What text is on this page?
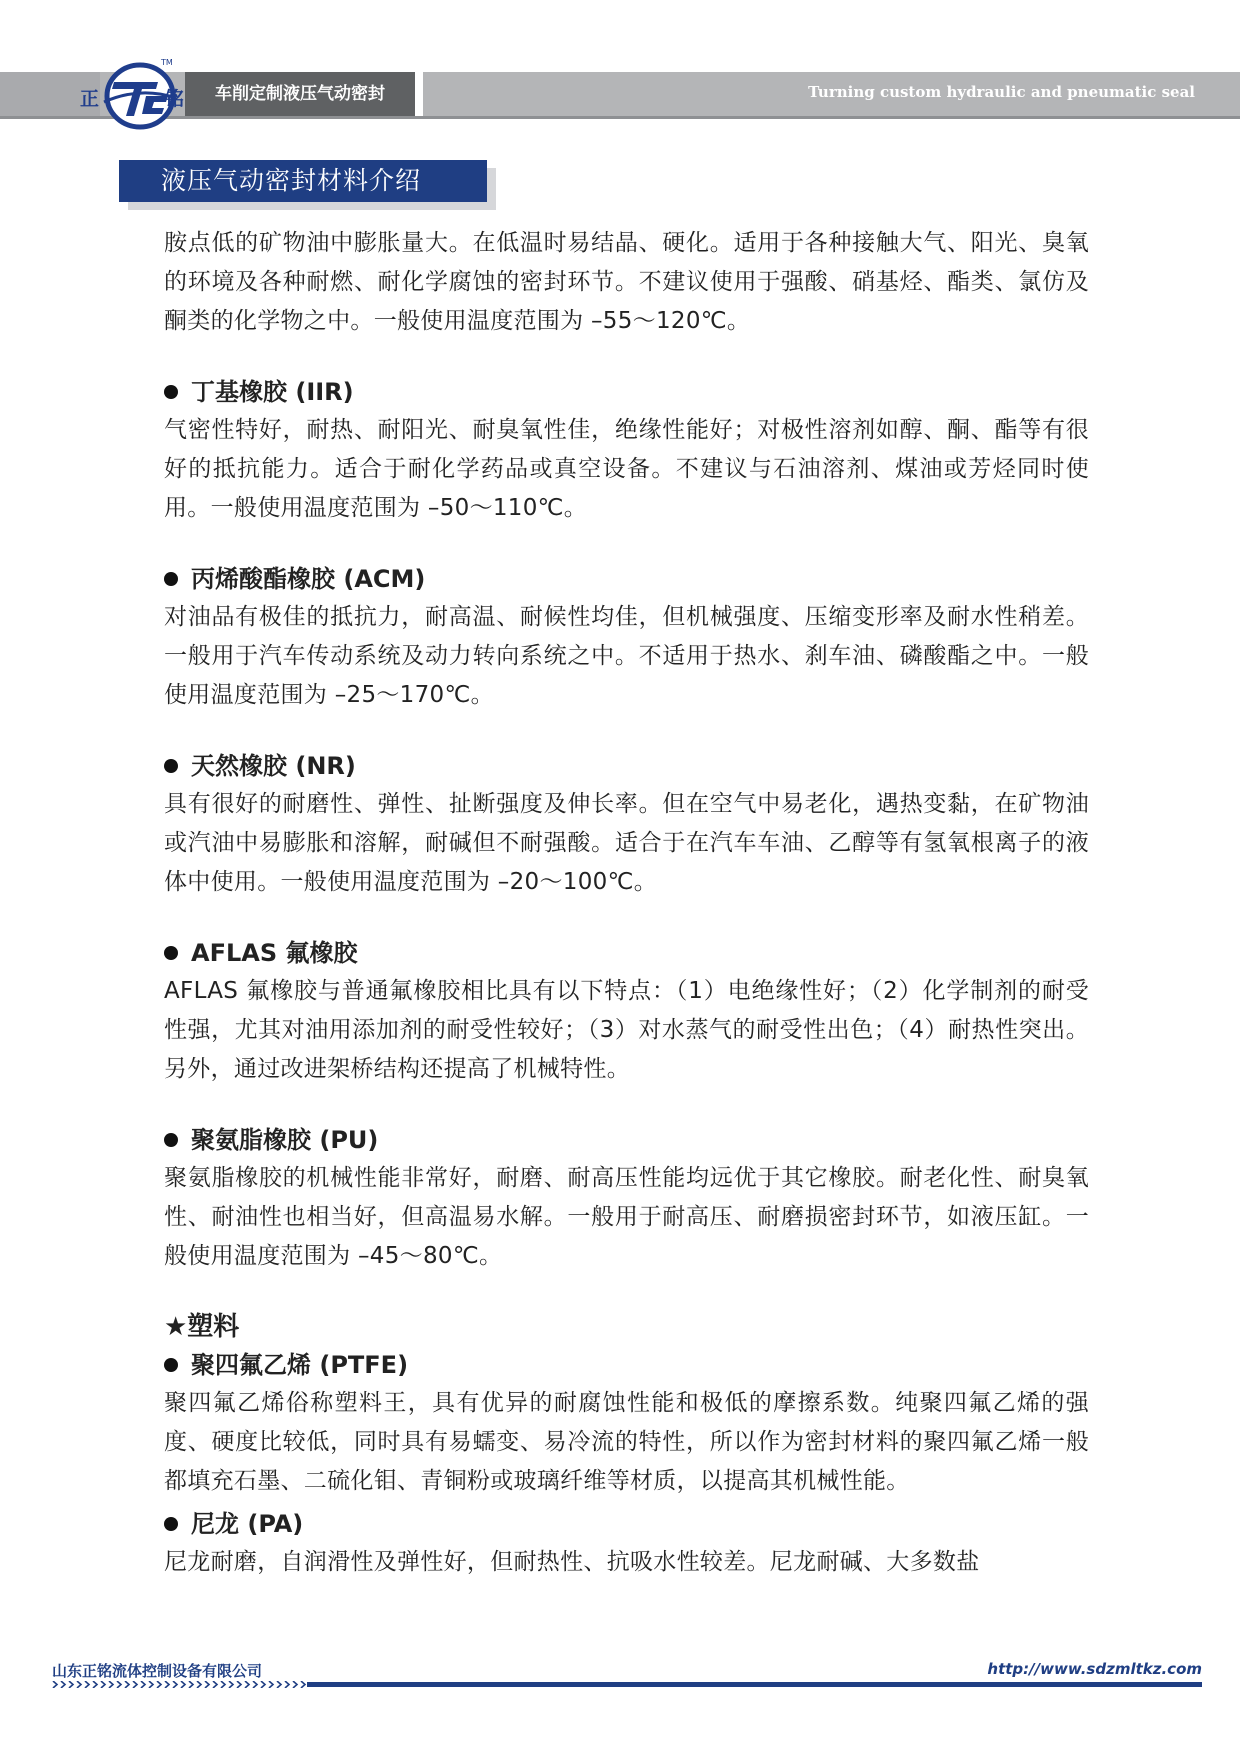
车削定制液压气动密封	Turning custom hydraulic and pneumatic seal
正	铭
TM
液压气动密封材料介绍

胺点低的矿物油中膨胀量大。在低温时易结晶、硬化。适用于各种接触大气、阳光、臭氧的环境及各种耐燃、耐化学腐蚀的密封环节。不建议使用于强酸、硝基烃、酯类、氯仿及酮类的化学物之中。一般使用温度范围为 –55～120℃。

丁基橡胶 (IIR)

气密性特好，耐热、耐阳光、耐臭氧性佳，绝缘性能好；对极性溶剂如醇、酮、酯等有很好的抵抗能力。适合于耐化学药品或真空设备。不建议与石油溶剂、煤油或芳烃同时使用。一般使用温度范围为 –50～110℃。

丙烯酸酯橡胶 (ACM)

对油品有极佳的抵抗力，耐高温、耐候性均佳，但机械强度、压缩变形率及耐水性稍差。一般用于汽车传动系统及动力转向系统之中。不适用于热水、刹车油、磷酸酯之中。一般使用温度范围为 –25～170℃。

天然橡胶 (NR)

具有很好的耐磨性、弹性、扯断强度及伸长率。但在空气中易老化，遇热变黏，在矿物油或汽油中易膨胀和溶解，耐碱但不耐强酸。适合于在汽车车油、乙醇等有氢氧根离子的液体中使用。一般使用温度范围为 –20～100℃。

AFLAS 氟橡胶

AFLAS 氟橡胶与普通氟橡胶相比具有以下特点：（1）电绝缘性好；（2）化学制剂的耐受性强，尤其对油用添加剂的耐受性较好；（3）对水蒸气的耐受性出色；（4）耐热性突出。另外，通过改进架桥结构还提高了机械特性。

聚氨脂橡胶 (PU)

聚氨脂橡胶的机械性能非常好，耐磨、耐高压性能均远优于其它橡胶。耐老化性、耐臭氧性、耐油性也相当好，但高温易水解。一般用于耐高压、耐磨损密封环节，如液压缸。一般使用温度范围为 –45～80℃。

★塑料
聚四氟乙烯 (PTFE)

聚四氟乙烯俗称塑料王，具有优异的耐腐蚀性能和极低的摩擦系数。纯聚四氟乙烯的强度、硬度比较低，同时具有易蠕变、易冷流的特性，所以作为密封材料的聚四氟乙烯一般都填充石墨、二硫化钼、青铜粉或玻璃纤维等材质，以提高其机械性能。

尼龙 (PA)

尼龙耐磨，自润滑性及弹性好，但耐热性、抗吸水性较差。尼龙耐碱、大多数盐

山东正铭流体控制设备有限公司	http://www.sdzmltkz.com
